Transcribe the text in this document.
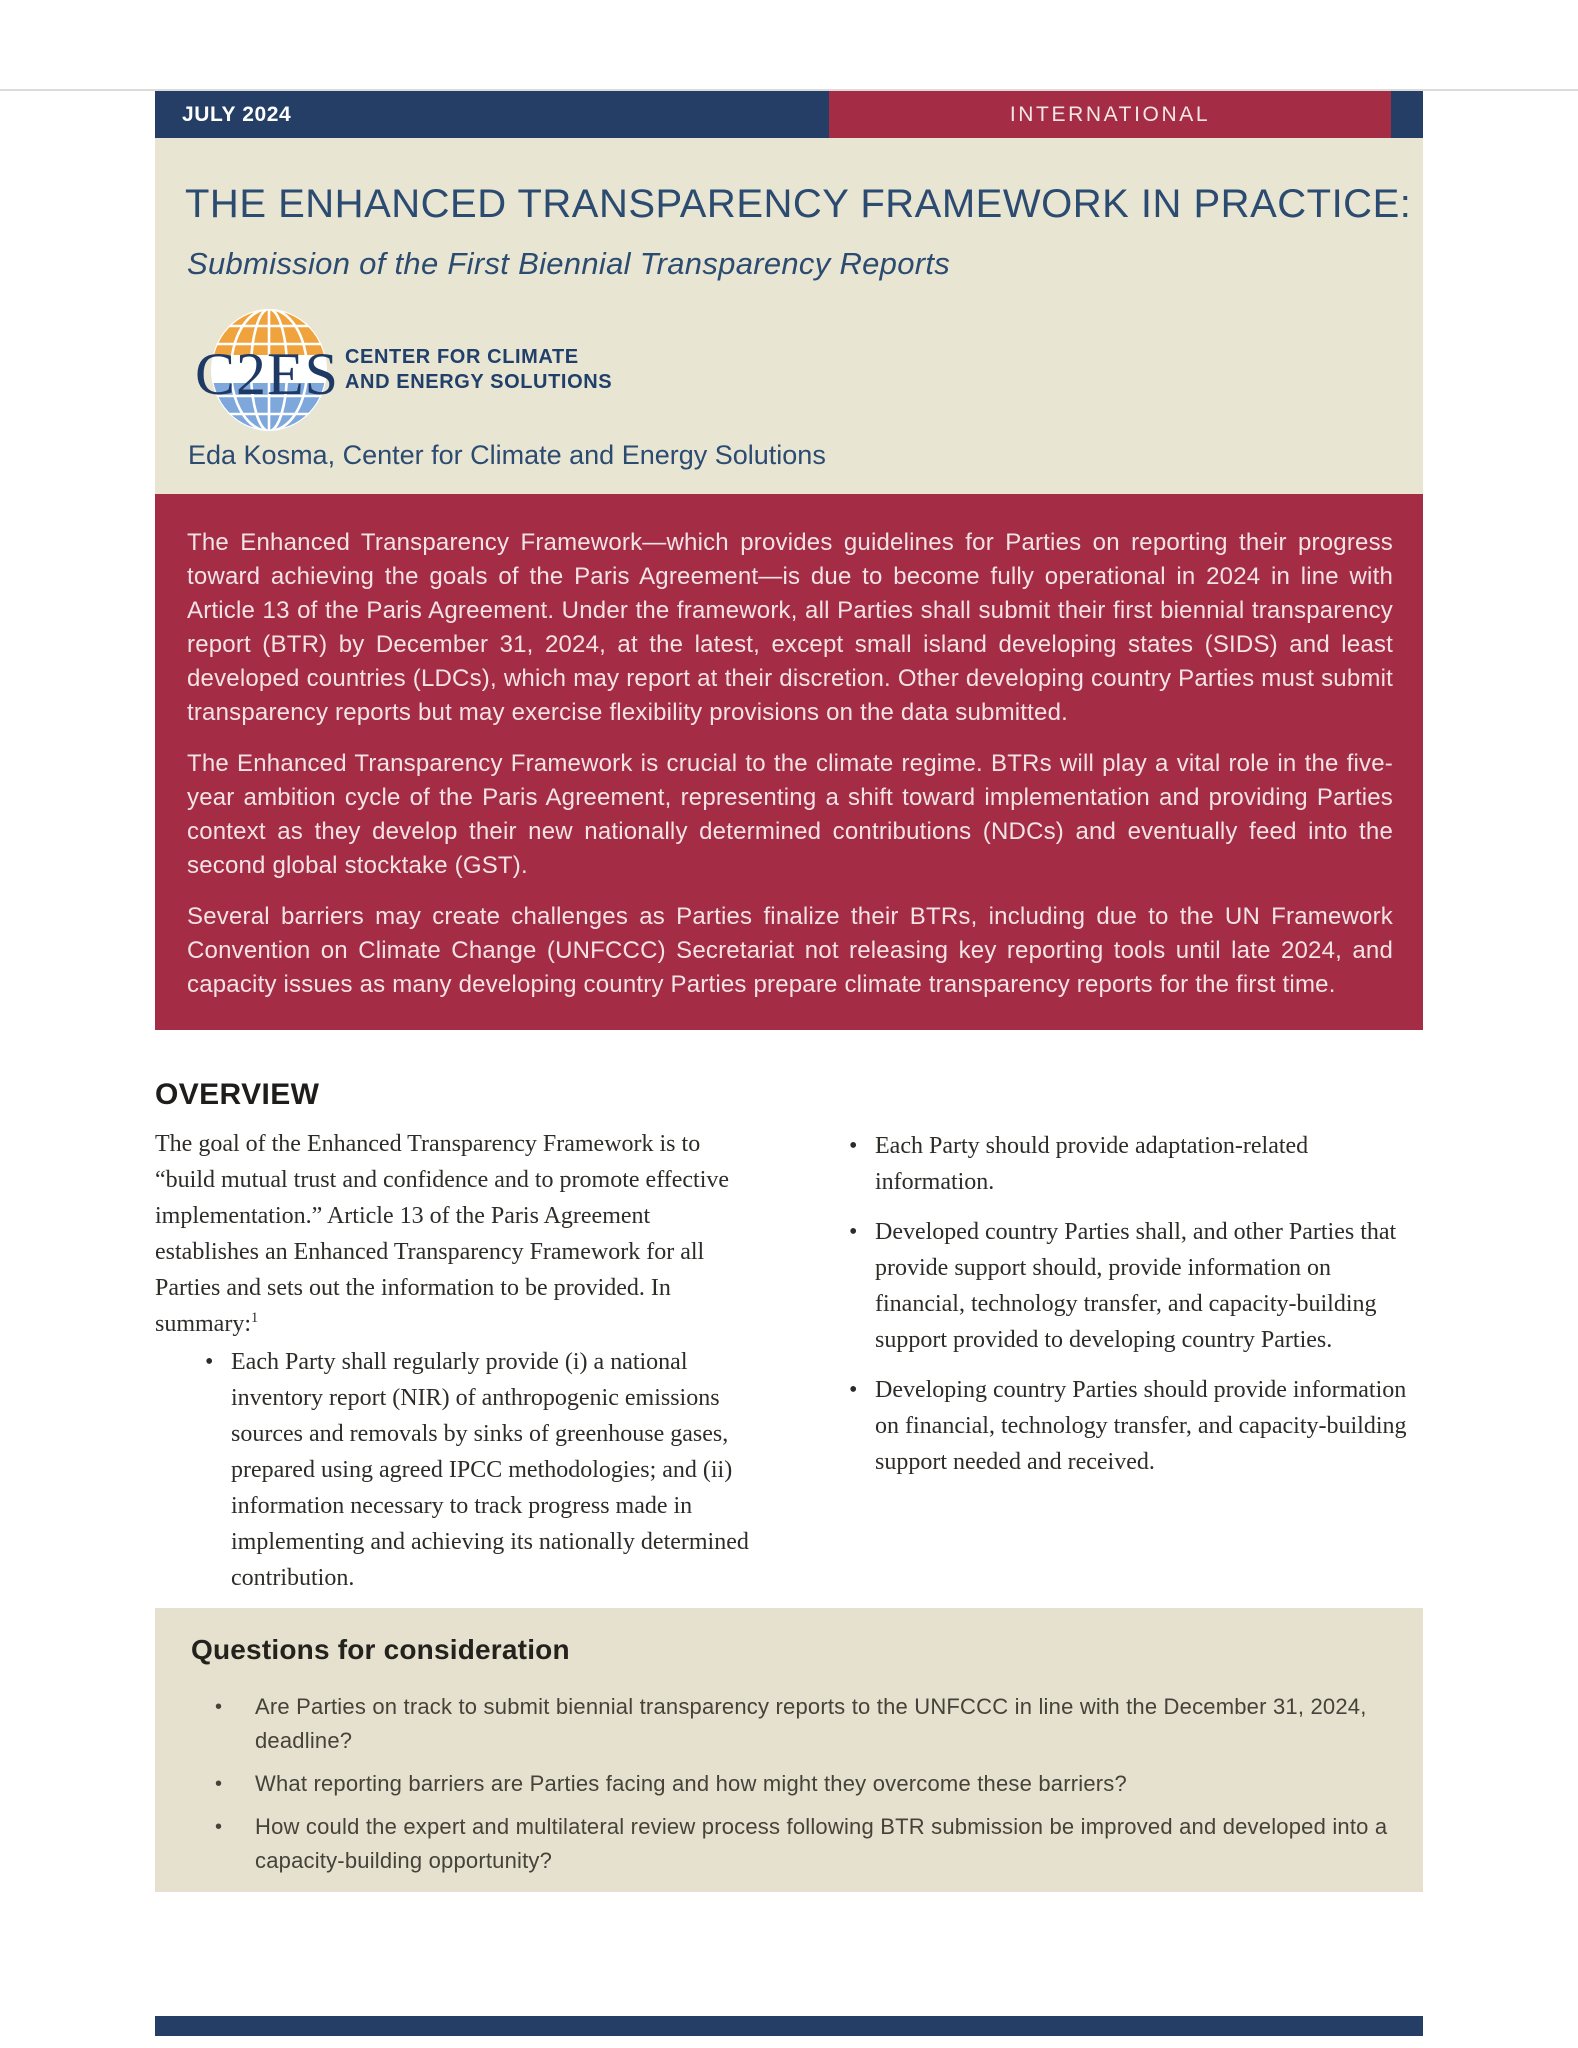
JULY 2024	INTERNATIONAL
THE ENHANCED TRANSPARENCY FRAMEWORK IN PRACTICE:
Submission of the First Biennial Transparency Reports
C2ES CENTER FOR CLIMATE
AND ENERGY SOLUTIONS
Eda Kosma, Center for Climate and Energy Solutions

The Enhanced Transparency Framework—which provides guidelines for Parties on reporting their progress toward achieving the goals of the Paris Agreement—is due to become fully operational in 2024 in line with Article 13 of the Paris Agreement. Under the framework, all Parties shall submit their first biennial transparency report (BTR) by December 31, 2024, at the latest, except small island developing states (SIDS) and least developed countries (LDCs), which may report at their discretion. Other developing country Parties must submit transparency reports but may exercise flexibility provisions on the data submitted.

The Enhanced Transparency Framework is crucial to the climate regime. BTRs will play a vital role in the five-year ambition cycle of the Paris Agreement, representing a shift toward implementation and providing Parties context as they develop their new nationally determined contributions (NDCs) and eventually feed into the second global stocktake (GST).

Several barriers may create challenges as Parties finalize their BTRs, including due to the UN Framework Convention on Climate Change (UNFCCC) Secretariat not releasing key reporting tools until late 2024, and capacity issues as many developing country Parties prepare climate transparency reports for the first time.

OVERVIEW
The goal of the Enhanced Transparency Framework is to “build mutual trust and confidence and to promote effective implementation.” Article 13 of the Paris Agreement establishes an Enhanced Transparency Framework for all Parties and sets out the information to be provided. In summary:$^1$
• Each Party shall regularly provide (i) a national inventory report (NIR) of anthropogenic emissions sources and removals by sinks of greenhouse gases, prepared using agreed IPCC methodologies; and (ii) information necessary to track progress made in implementing and achieving its nationally determined contribution.
• Each Party should provide adaptation-related information.
• Developed country Parties shall, and other Parties that provide support should, provide information on financial, technology transfer, and capacity-building support provided to developing country Parties.
• Developing country Parties should provide information on financial, technology transfer, and capacity-building support needed and received.
Questions for consideration
•	Are Parties on track to submit biennial transparency reports to the UNFCCC in line with the December 31, 2024, deadline?
•	What reporting barriers are Parties facing and how might they overcome these barriers?
•	How could the expert and multilateral review process following BTR submission be improved and developed into a capacity-building opportunity?
